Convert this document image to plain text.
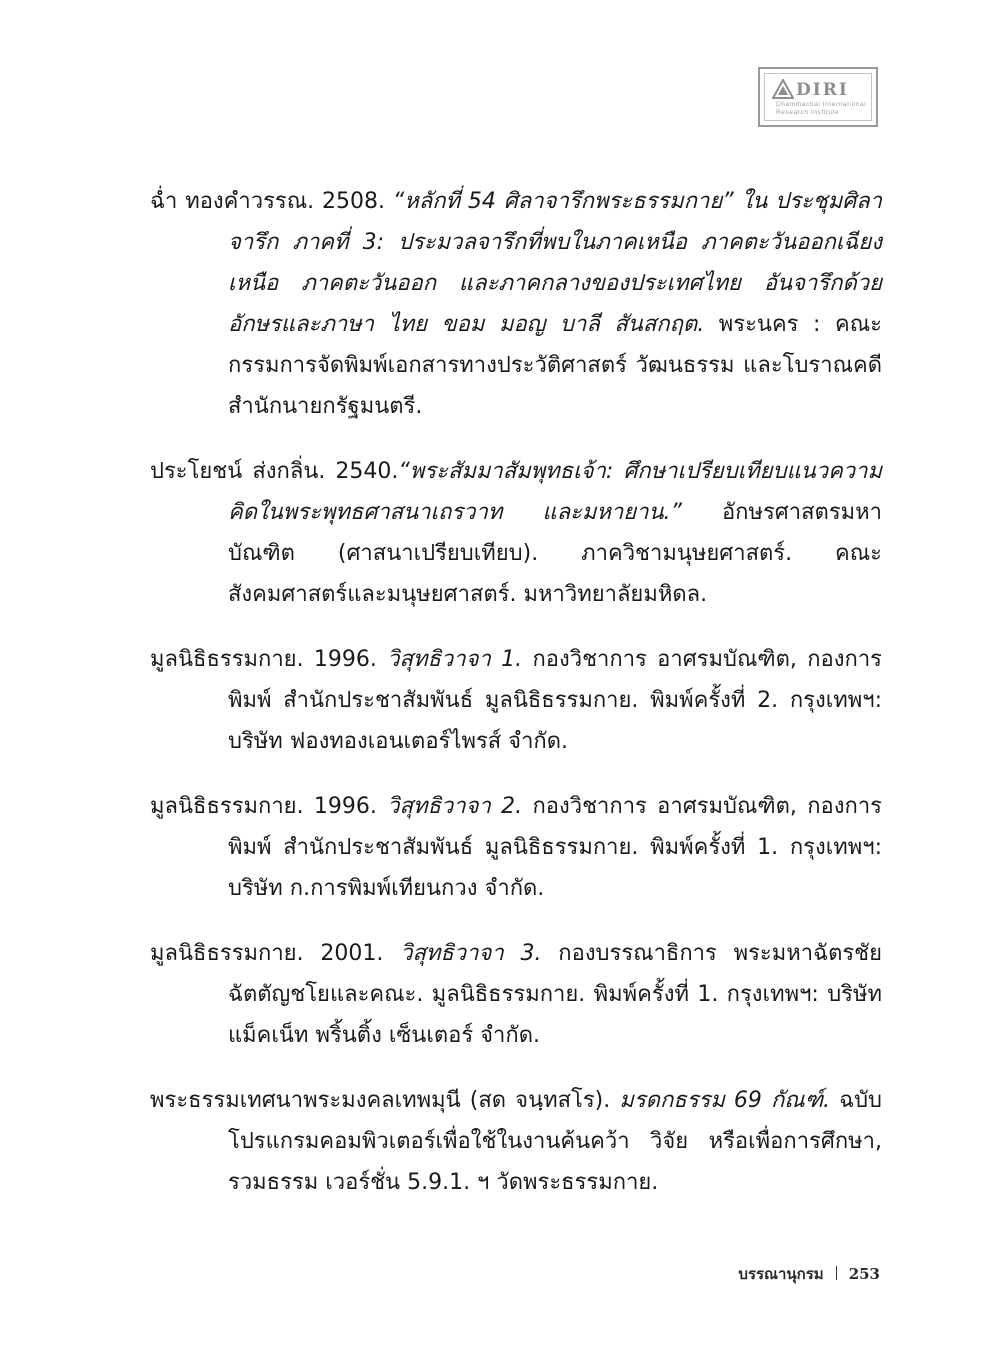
DIRI
Dhammachai International
Research Institute
ฉ่ำ ทองคำวรรณ. 2508. “หลักที่ 54 ศิลาจารึกพระธรรมกาย” ใน ประชุมศิลาจารึก ภาคที่ 3: ประมวลจารึกที่พบในภาคเหนือ ภาคตะวันออกเฉียงเหนือ ภาคตะวันออก และภาคกลางของประเทศไทย อันจารึกด้วยอักษรและภาษา ไทย ขอม มอญ บาลี สันสกฤต. พระนคร : คณะกรรมการจัดพิมพ์เอกสารทางประวัติศาสตร์ วัฒนธรรม และโบราณคดี สำนักนายกรัฐมนตรี.
ประโยชน์ ส่งกลิ่น. 2540.“พระสัมมาสัมพุทธเจ้า: ศึกษาเปรียบเทียบแนวความคิดในพระพุทธศาสนาเถรวาท และมหายาน.” อักษรศาสตรมหาบัณฑิต (ศาสนาเปรียบเทียบ). ภาควิชามนุษยศาสตร์. คณะสังคมศาสตร์และมนุษยศาสตร์. มหาวิทยาลัยมหิดล.
มูลนิธิธรรมกาย. 1996. วิสุทธิวาจา 1. กองวิชาการ อาศรมบัณฑิต, กองการพิมพ์ สำนักประชาสัมพันธ์ มูลนิธิธรรมกาย. พิมพ์ครั้งที่ 2. กรุงเทพฯ: บริษัท ฟองทองเอนเตอร์ไพรส์ จำกัด.
มูลนิธิธรรมกาย. 1996. วิสุทธิวาจา 2. กองวิชาการ อาศรมบัณฑิต, กองการพิมพ์ สำนักประชาสัมพันธ์ มูลนิธิธรรมกาย. พิมพ์ครั้งที่ 1. กรุงเทพฯ: บริษัท ก.การพิมพ์เทียนกวง จำกัด.
มูลนิธิธรรมกาย. 2001. วิสุทธิวาจา 3. กองบรรณาธิการ พระมหาฉัตรชัย ฉัตตัญชโยและคณะ. มูลนิธิธรรมกาย. พิมพ์ครั้งที่ 1. กรุงเทพฯ: บริษัท แม็คเน็ท พริ้นติ้ง เซ็นเตอร์ จำกัด.
พระธรรมเทศนาพระมงคลเทพมุนี (สด จนฺทสโร). มรดกธรรม 69 กัณฑ์. ฉบับโปรแกรมคอมพิวเตอร์เพื่อใช้ในงานค้นคว้า วิจัย หรือเพื่อการศึกษา, รวมธรรม เวอร์ชั่น 5.9.1. ฯ วัดพระธรรมกาย.
บรรณานุกรม 253
